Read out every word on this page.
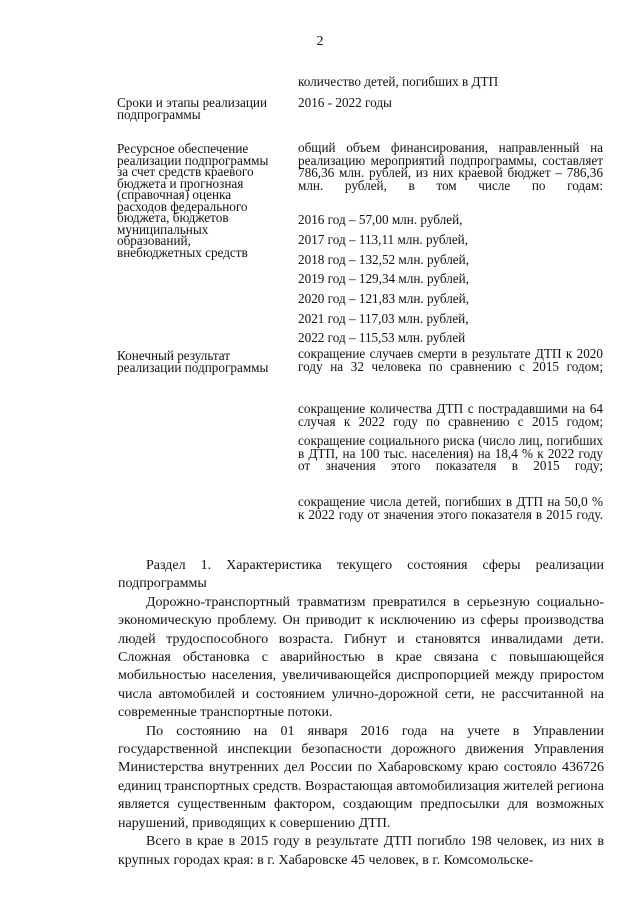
2
количество детей, погибших в ДТП
Сроки и этапы реализации подпрограммы
2016 - 2022 годы
Ресурсное обеспечение реализации подпрограммы за счет средств краевого бюджета и прогнозная (справочная) оценка расходов федерального бюджета, бюджетов муниципальных образований, внебюджетных средств

общий объем финансирования, направленный на реализацию мероприятий подпрограммы, составляет 786,36 млн. рублей, из них краевой бюджет – 786,36 млн. рублей, в том числе по годам:

2016 год – 57,00 млн. рублей,
2017 год – 113,11 млн. рублей,
2018 год – 132,52 млн. рублей,
2019 год – 129,34 млн. рублей,
2020 год – 121,83 млн. рублей,
2021 год – 117,03 млн. рублей,
2022 год – 115,53 млн. рублей
Конечный результат реализации подпрограммы

сокращение случаев смерти в результате ДТП к 2020 году на 32 человека по сравнению с 2015 годом;

сокращение количества ДТП с пострадавшими на 64 случая к 2022 году по сравнению с 2015 годом;

сокращение социального риска (число лиц, погибших в ДТП, на 100 тыс. населения) на 18,4 % к 2022 году от значения этого показателя в 2015 году;

сокращение числа детей, погибших в ДТП на 50,0 % к 2022 году от значения этого показателя в 2015 году.

Раздел 1. Характеристика текущего состояния сферы реализации подпрограммы

Дорожно-транспортный травматизм превратился в серьезную социально-экономическую проблему. Он приводит к исключению из сферы производства людей трудоспособного возраста. Гибнут и становятся инвалидами дети. Сложная обстановка с аварийностью в крае связана с повышающейся мобильностью населения, увеличивающейся диспропорцией между приростом числа автомобилей и состоянием улично-дорожной сети, не рассчитанной на современные транспортные потоки.

По состоянию на 01 января 2016 года на учете в Управлении государственной инспекции безопасности дорожного движения Управления Министерства внутренних дел России по Хабаровскому краю состояло 436726 единиц транспортных средств. Возрастающая автомобилизация жителей региона является существенным фактором, создающим предпосылки для возможных нарушений, приводящих к совершению ДТП.

Всего в крае в 2015 году в результате ДТП погибло 198 человек, из них в крупных городах края: в г. Хабаровске 45 человек, в г. Комсомольске-
